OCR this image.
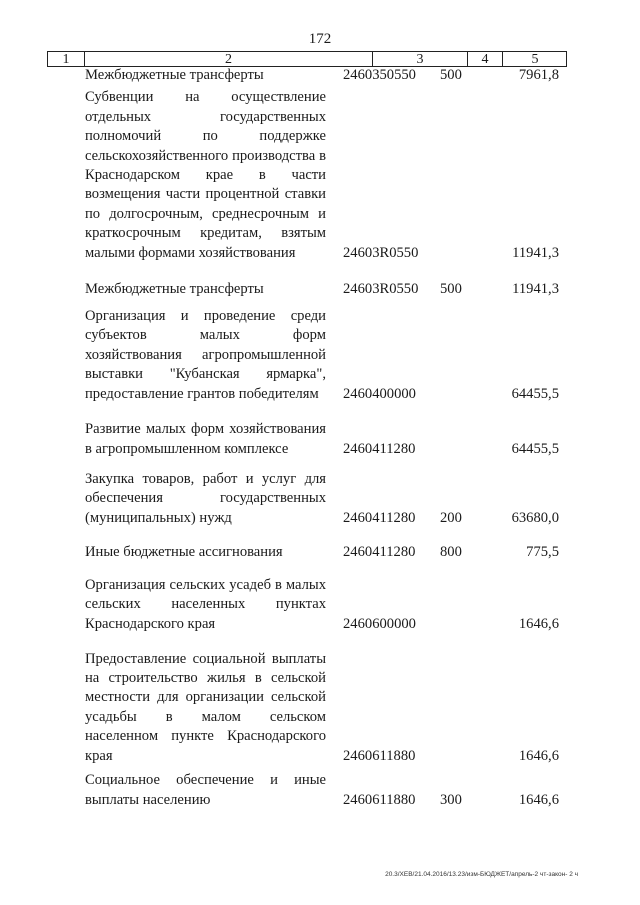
172
1	2	3	4	5
Межбюджетные трансферты	2460350550 500	7961,8
Субвенции на осуществление отдельных государственных полномочий по поддержке сельскохозяйственного производства в Краснодарском крае в части возмещения части процентной ставки по долгосрочным, среднесрочным и краткосрочным кредитам, взятым малыми формами хозяйствования	24603R0550	11941,3
Межбюджетные трансферты	24603R0550 500	11941,3
Организация и проведение среди субъектов малых форм хозяйствования агропромышленной выставки "Кубанская ярмарка", предоставление грантов победителям	2460400000	64455,5
Развитие малых форм хозяйствования в агропромышленном комплексе	2460411280	64455,5
Закупка товаров, работ и услуг для обеспечения государственных (муниципальных) нужд	2460411280 200	63680,0
Иные бюджетные ассигнования	2460411280 800	775,5
Организация сельских усадеб в малых сельских населенных пунктах Краснодарского края	2460600000	1646,6
Предоставление социальной выплаты на строительство жилья в сельской местности для организации сельской усадьбы в малом сельском населенном пункте Краснодарского края	2460611880	1646,6
Социальное обеспечение и иные выплаты населению	2460611880 300	1646,6
20.3/ХЕВ/21.04.2016/13.23/изм-БЮДЖЕТ/апрель-2 чт-закон- 2 ч
